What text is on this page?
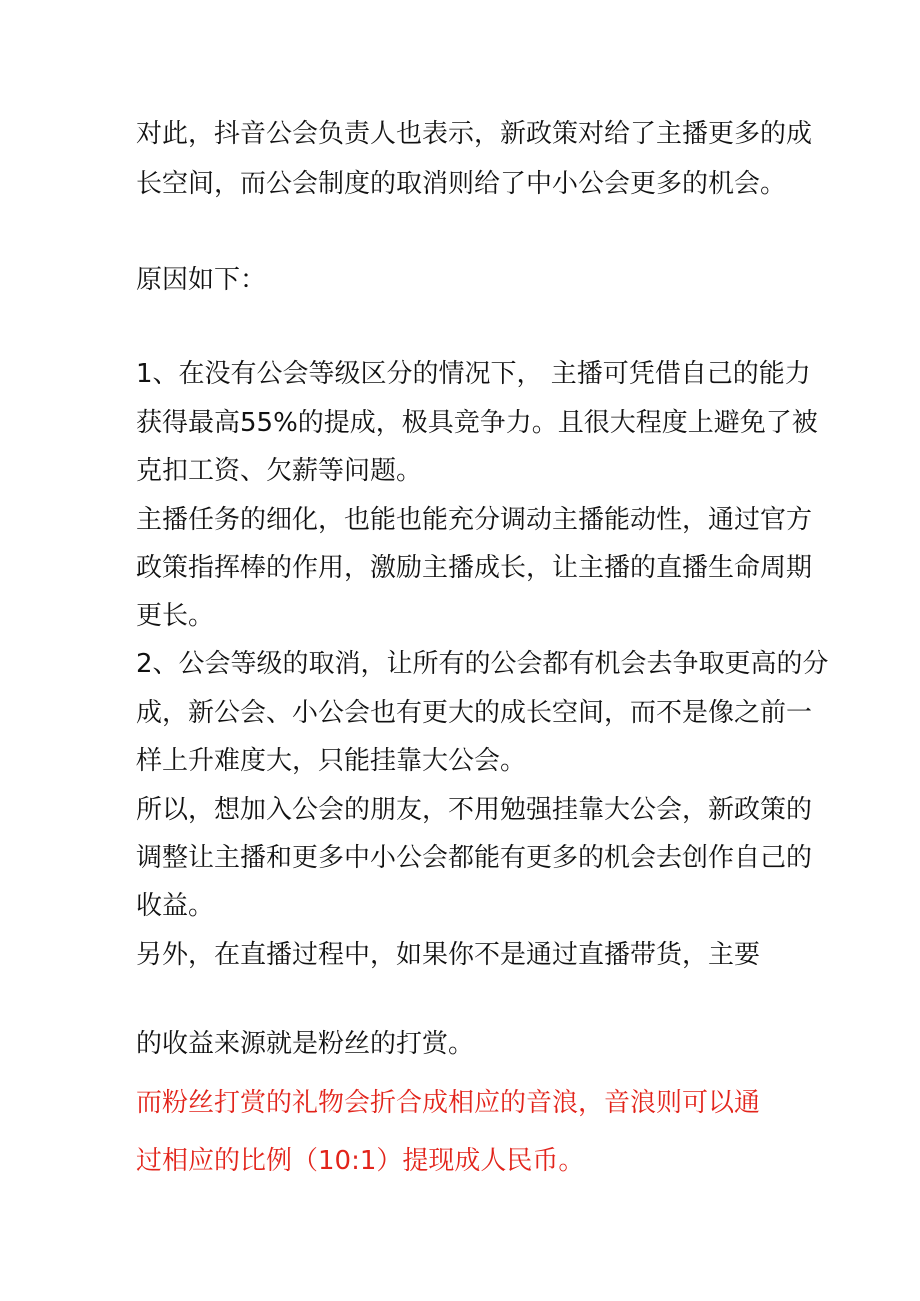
对此，抖音公会负责人也表示，新政策对给了主播更多的成

长空间，而公会制度的取消则给了中小公会更多的机会。

原因如下：

1、在没有公会等级区分的情况下， 主播可凭借自己的能力

获得最高55%的提成，极具竞争力。且很大程度上避免了被

克扣工资、欠薪等问题。

主播任务的细化，也能也能充分调动主播能动性，通过官方

政策指挥棒的作用，激励主播成长，让主播的直播生命周期

更长。

2、公会等级的取消，让所有的公会都有机会去争取更高的分

成，新公会、小公会也有更大的成长空间，而不是像之前一

样上升难度大，只能挂靠大公会。

所以，想加入公会的朋友，不用勉强挂靠大公会，新政策的

调整让主播和更多中小公会都能有更多的机会去创作自己的

收益。

另外，在直播过程中，如果你不是通过直播带货，主要

的收益来源就是粉丝的打赏。

而粉丝打赏的礼物会折合成相应的音浪，音浪则可以通

过相应的比例（10:1）提现成人民币。
